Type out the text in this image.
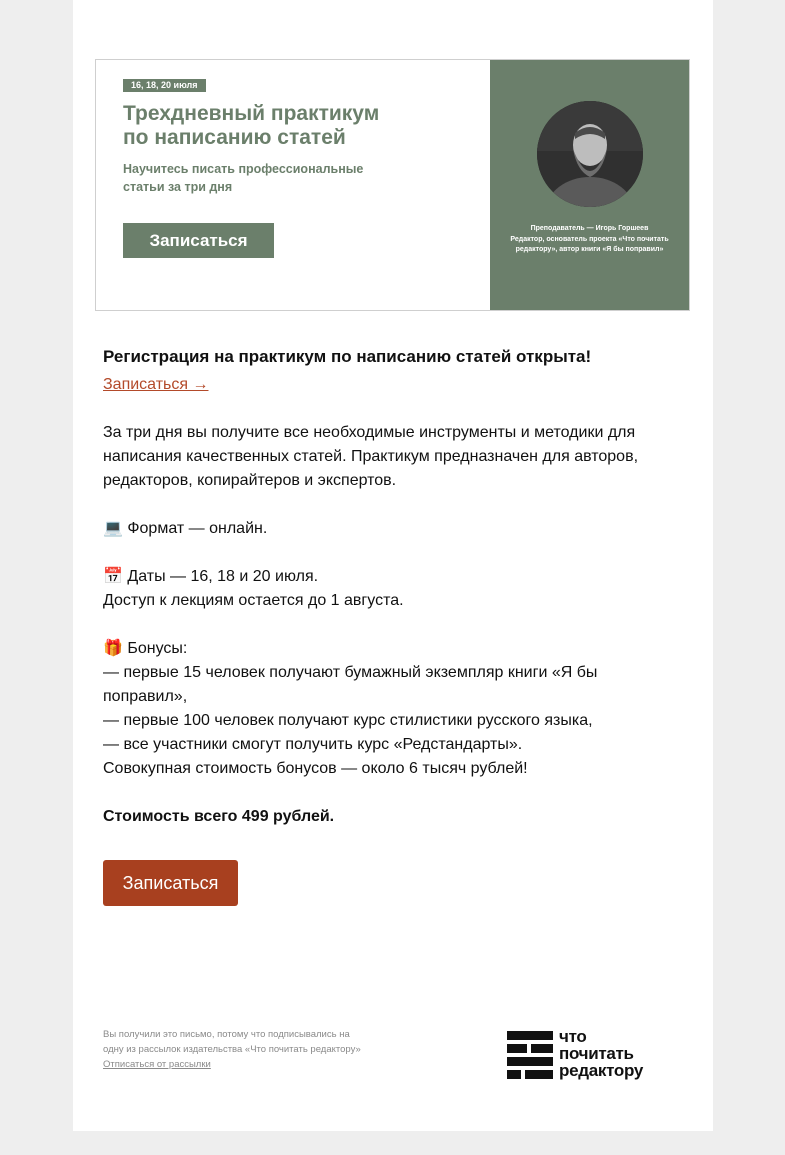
16, 18, 20 июля
Трехдневный практикум
по написанию статей
Научитесь писать профессиональные
статьи за три дня
Записаться
Преподаватель — Игорь Горшеев
Редактор, основатель проекта «Что почитать
редактору», автор книги «Я бы поправил»
Регистрация на практикум по написанию статей открыта!
Записаться →
За три дня вы получите все необходимые инструменты и методики для
написания качественных статей. Практикум предназначен для авторов,
редакторов, копирайтеров и экспертов.
💻 Формат — онлайн.
📅 Даты — 16, 18 и 20 июля.
Доступ к лекциям остается до 1 августа.
🎁 Бонусы:
— первые 15 человек получают бумажный экземпляр книги «Я бы
поправил»,
— первые 100 человек получают курс стилистики русского языка,
— все участники смогут получить курс «Редстандарты».
Совокупная стоимость бонусов — около 6 тысяч рублей!
Стоимость всего 499 рублей.
Записаться
Вы получили это письмо, потому что подписывались на
одну из рассылок издательства «Что почитать редактору»
Отписаться от рассылки
что
почитать
редактору
